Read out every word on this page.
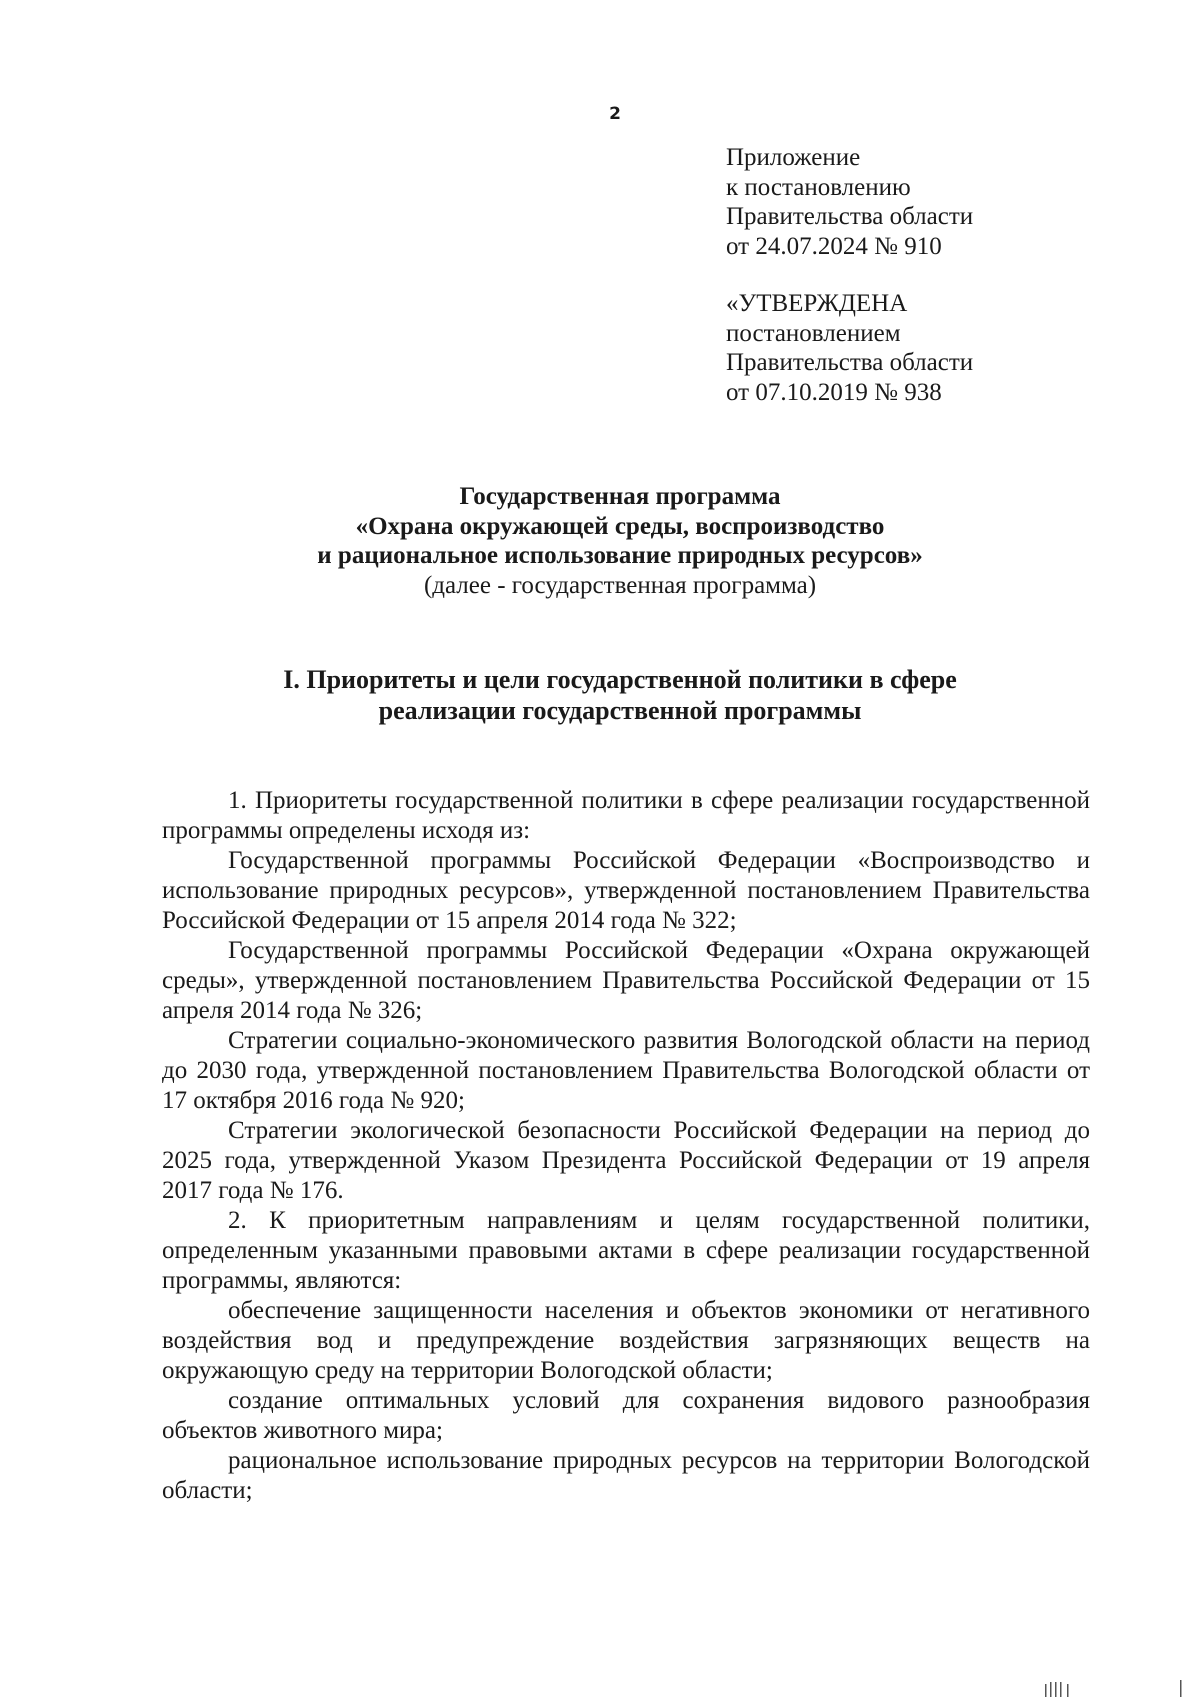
2
Приложение
к постановлению
Правительства области
от 24.07.2024 № 910
«УТВЕРЖДЕНА
постановлением
Правительства области
от 07.10.2019 № 938
Государственная программа
«Охрана окружающей среды, воспроизводство
и рациональное использование природных ресурсов»
(далее - государственная программа)
I. Приоритеты и цели государственной политики в сфере
реализации государственной программы

1. Приоритеты государственной политики в сфере реализации государственной программы определены исходя из:

Государственной программы Российской Федерации «Воспроизводство и использование природных ресурсов», утвержденной постановлением Правительства Российской Федерации от 15 апреля 2014 года № 322;

Государственной программы Российской Федерации «Охрана окружающей среды», утвержденной постановлением Правительства Российской Федерации от 15 апреля 2014 года № 326;

Стратегии социально-экономического развития Вологодской области на период до 2030 года, утвержденной постановлением Правительства Вологодской области от 17 октября 2016 года № 920;

Стратегии экологической безопасности Российской Федерации на период до 2025 года, утвержденной Указом Президента Российской Федерации от 19 апреля 2017 года № 176.

2. К приоритетным направлениям и целям государственной политики, определенным указанными правовыми актами в сфере реализации государственной программы, являются:

обеспечение защищенности населения и объектов экономики от негативного воздействия вод и предупреждение воздействия загрязняющих веществ на окружающую среду на территории Вологодской области;

создание оптимальных условий для сохранения видового разнообразия объектов животного мира;

рациональное использование природных ресурсов на территории Вологодской области;
